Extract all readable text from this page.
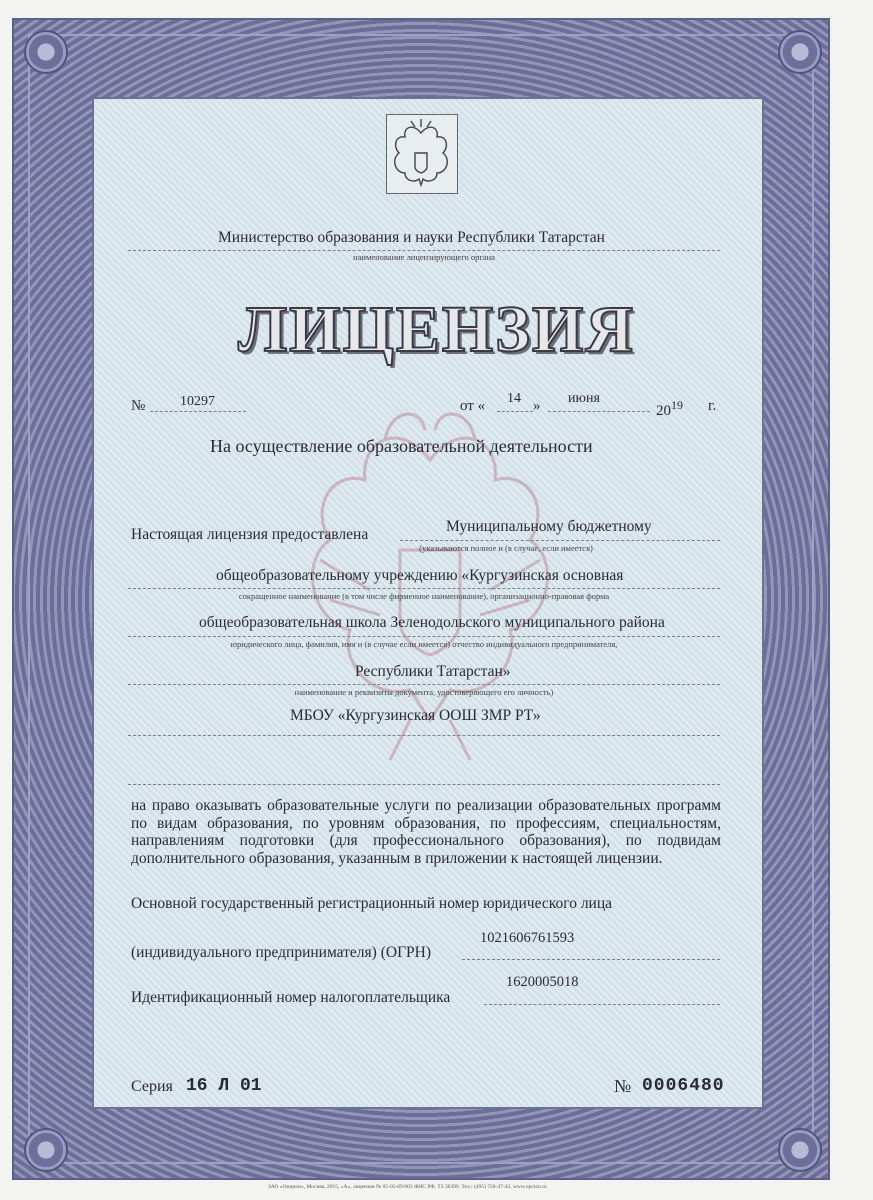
Министерство образования и науки Республики Татарстан
наименование лицензирующего органа
ЛИЦЕНЗИЯ
№ 10297	от « 14 » июня
$20^{19}$ г.
На осуществление образовательной деятельности
Настоящая лицензия предоставлена	Муниципальному бюджетному
(указываются полное и (в случае, если имеется)
общеобразовательному учреждению «Кургузинская основная
сокращенное наименование (в том числе фирменное наименование), организационно-правовая форма
общеобразовательная школа Зеленодольского муниципального района
юридического лица, фамилия, имя и (в случае если имеется) отчество индивидуального предпринимателя,
Республики Татарстан»
наименование и реквизиты документа, удостоверяющего его личность)
МБОУ «Кургузинская ООШ ЗМР РТ»
на право оказывать образовательные услуги по реализации образовательных программ по видам образования, по уровням образования, по профессиям, специальностям, направлениям подготовки (для профессионального образования), по подвидам дополнительного образования, указанным в приложении к настоящей лицензии.
Основной государственный регистрационный номер юридического лица
(индивидуального предпринимателя) (ОГРН)
1021606761593
Идентификационный номер налогоплательщика
1620005018
Серия 16 Л 01	№ 0006480
ЗАО «Опцион», Москва, 2015, «А», лицензия № 05-05-09/003 ФНС РФ, ТЗ 36399. Тел.: (495) 726-47-42, www.opcion.ru
